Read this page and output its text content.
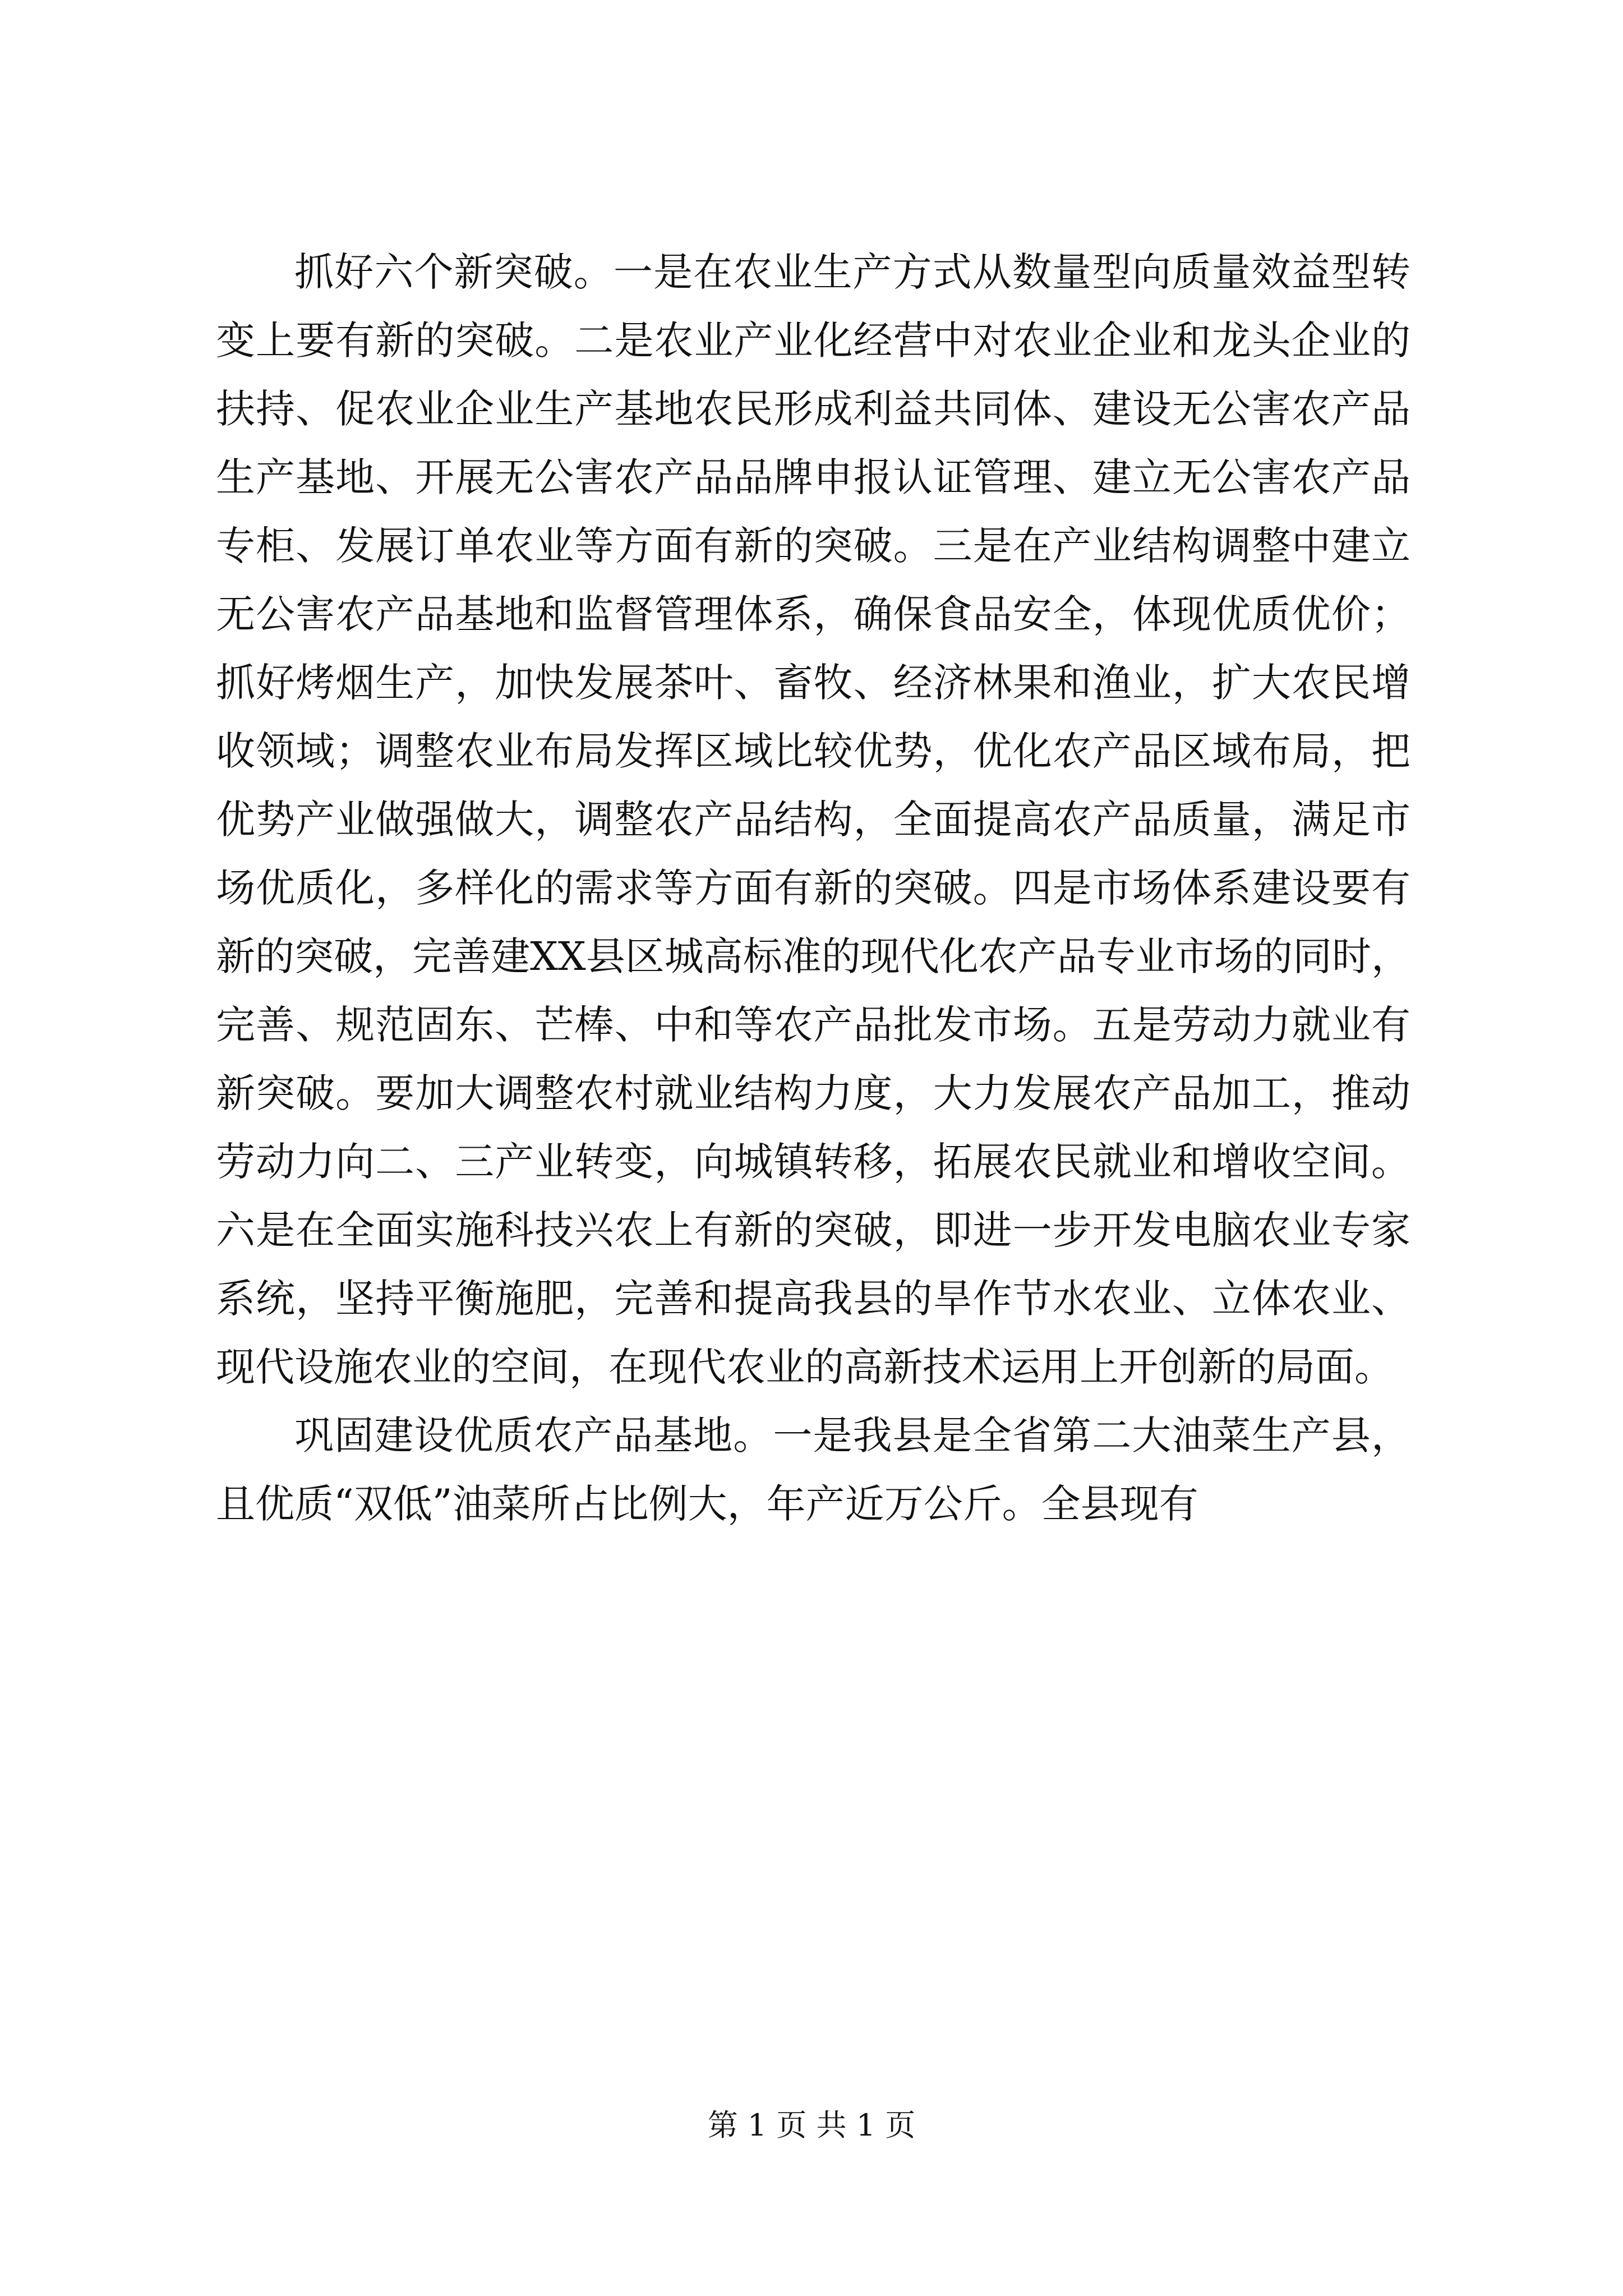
抓好六个新突破。一是在农业生产方式从数量型向质量效益型转变上要有新的突破。二是农业产业化经营中对农业企业和龙头企业的扶持、促农业企业生产基地农民形成利益共同体、建设无公害农产品生产基地、开展无公害农产品品牌申报认证管理、建立无公害农产品专柜、发展订单农业等方面有新的突破。三是在产业结构调整中建立无公害农产品基地和监督管理体系，确保食品安全，体现优质优价；抓好烤烟生产，加快发展茶叶、畜牧、经济林果和渔业，扩大农民增收领域；调整农业布局发挥区域比较优势，优化农产品区域布局，把优势产业做强做大，调整农产品结构，全面提高农产品质量，满足市场优质化，多样化的需求等方面有新的突破。四是市场体系建设要有新的突破，完善建XX县区城高标准的现代化农产品专业市场的同时，完善、规范固东、芒棒、中和等农产品批发市场。五是劳动力就业有新突破。要加大调整农村就业结构力度，大力发展农产品加工，推动劳动力向二、三产业转变，向城镇转移，拓展农民就业和增收空间。六是在全面实施科技兴农上有新的突破，即进一步开发电脑农业专家系统，坚持平衡施肥，完善和提高我县的旱作节水农业、立体农业、现代设施农业的空间，在现代农业的高新技术运用上开创新的局面。

巩固建设优质农产品基地。一是我县是全省第二大油菜生产县，且优质“双低”油菜所占比例大，年产近万公斤。全县现有

第 1 页 共 1 页
